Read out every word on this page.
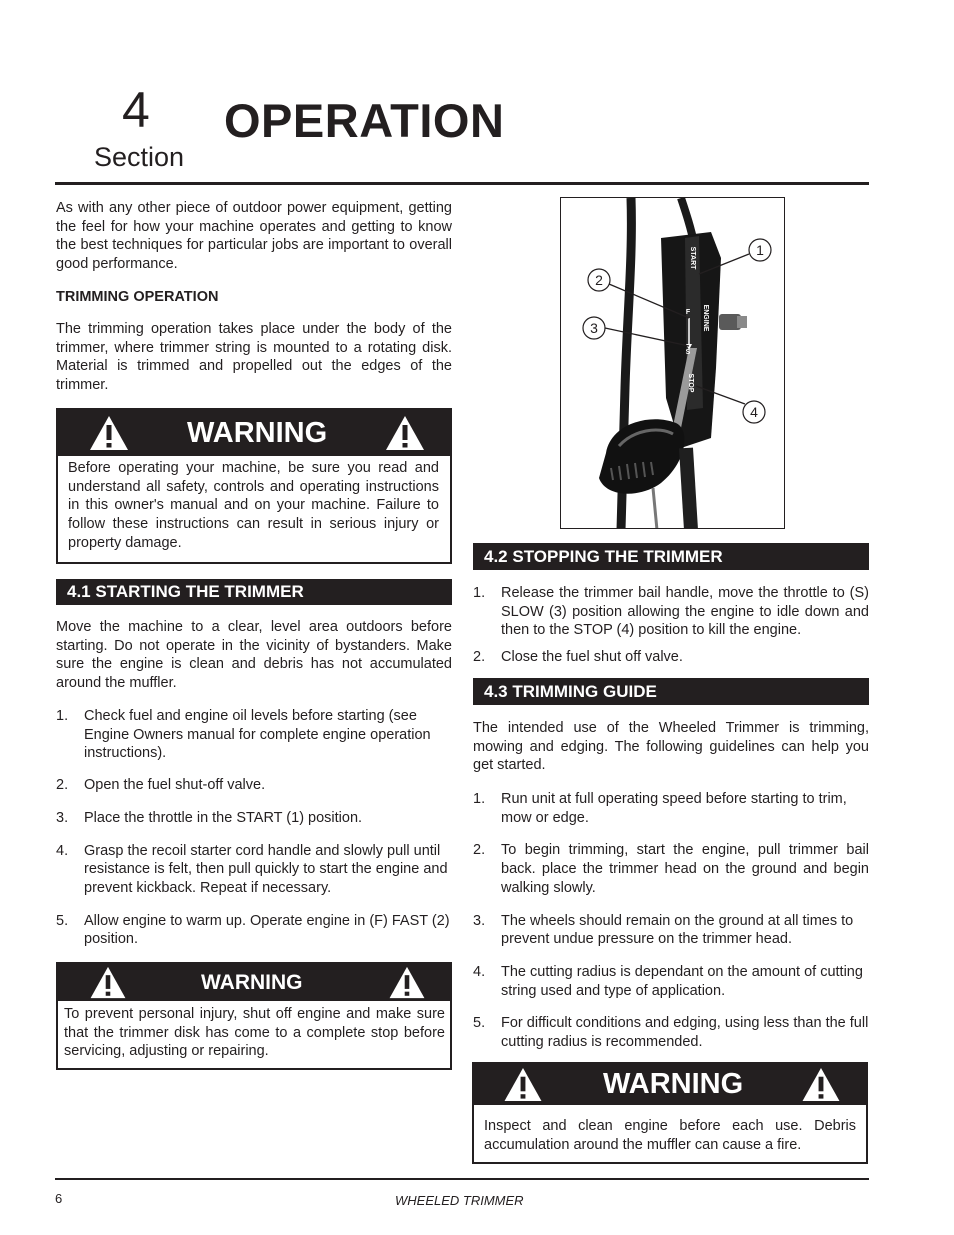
4
Section
OPERATION

As with any other piece of outdoor power equipment, getting the feel for how your machine operates and getting to know the best techniques for particular jobs are important to overall good performance.

TRIMMING OPERATION

The trimming operation takes place under the body of the trimmer, where trimmer string is mounted to a rotating disk. Material is trimmed and propelled out the edges of the trimmer.

WARNING
Before operating your machine, be sure you read and understand all safety, controls and operating instructions in this owner's manual and on your machine. Failure to follow these instructions can result in serious injury or property damage.
4.1 STARTING THE TRIMMER

Move the machine to a clear, level area outdoors before starting. Do not operate in the vicinity of bystanders. Make sure the engine is clean and debris has not accumulated around the muffler.

1. Check fuel and engine oil levels before starting (see Engine Owners manual for complete engine operation instructions).
2. Open the fuel shut-off valve.
3. Place the throttle in the START (1) position.
4. Grasp the recoil starter cord handle and slowly pull until resistance is felt, then pull quickly to start the engine and prevent kickback. Repeat if necessary.
5. Allow engine to warm up. Operate engine in (F) FAST (2) position.
WARNING
To prevent personal injury, shut off engine and make sure that the trimmer disk has come to a complete stop before servicing, adjusting or repairing.
START
ENGINE
STOP
F
S
1
2
3
4
4.2 STOPPING THE TRIMMER
1. Release the trimmer bail handle, move the throttle to (S) SLOW (3) position allowing the engine to idle down and then to the STOP (4) position to kill the engine.
2. Close the fuel shut off valve.
4.3 TRIMMING GUIDE

The intended use of the Wheeled Trimmer is trimming, mowing and edging. The following guidelines can help you get started.

1. Run unit at full operating speed before starting to trim, mow or edge.
2. To begin trimming, start the engine, pull trimmer bail back. place the trimmer head on the ground and begin walking slowly.
3. The wheels should remain on the ground at all times to prevent undue pressure on the trimmer head.
4. The cutting radius is dependant on the amount of cutting string used and type of application.
5. For difficult conditions and edging, using less than the full cutting radius is recommended.
WARNING
Inspect and clean engine before each use. Debris accumulation around the muffler can cause a fire.
6	WHEELED TRIMMER
